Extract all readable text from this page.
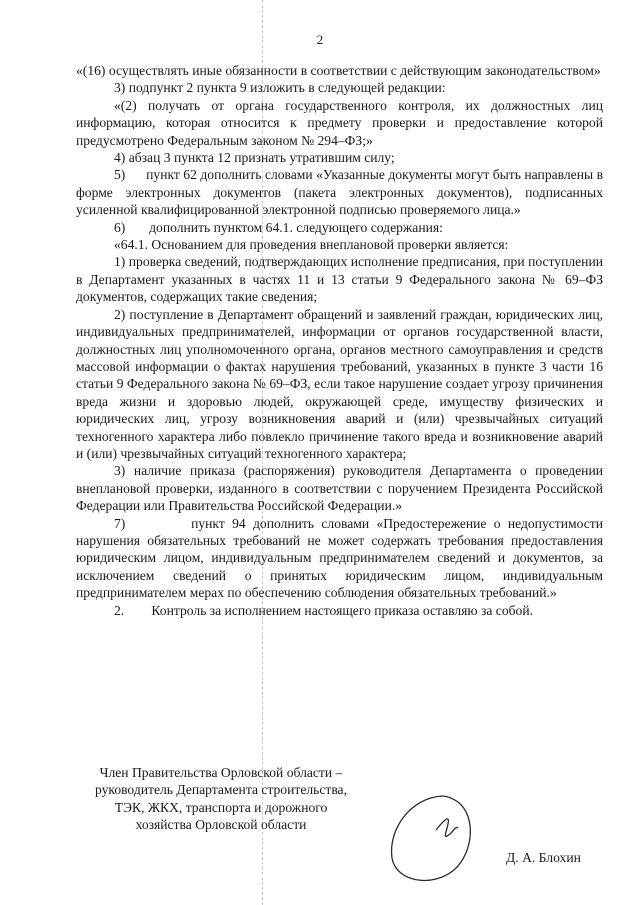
2

«(16) осуществлять иные обязанности в соответствии с действующим законодательством»

3) подпункт 2 пункта 9 изложить в следующей редакции:

«(2) получать от органа государственного контроля, их должностных лиц информацию, которая относится к предмету проверки и предоставление которой предусмотрено Федеральным законом № 294–ФЗ;»

4) абзац 3 пункта 12 признать утратившим силу;

5) пункт 62 дополнить словами «Указанные документы могут быть направлены в форме электронных документов (пакета электронных документов), подписанных усиленной квалифицированной электронной подписью проверяемого лица.»

6) дополнить пунктом 64.1. следующего содержания:

«64.1. Основанием для проведения внеплановой проверки является:

1) проверка сведений, подтверждающих исполнение предписания, при поступлении в Департамент указанных в частях 11 и 13 статьи 9 Федерального закона № 69–ФЗ документов, содержащих такие сведения;

2) поступление в Департамент обращений и заявлений граждан, юридических лиц, индивидуальных предпринимателей, информации от органов государственной власти, должностных лиц уполномоченного органа, органов местного самоуправления и средств массовой информации о фактах нарушения требований, указанных в пункте 3 части 16 статьи 9 Федерального закона № 69–ФЗ, если такое нарушение создает угрозу причинения вреда жизни и здоровью людей, окружающей среде, имуществу физических и юридических лиц, угрозу возникновения аварий и (или) чрезвычайных ситуаций техногенного характера либо повлекло причинение такого вреда и возникновение аварий и (или) чрезвычайных ситуаций техногенного характера;

3) наличие приказа (распоряжения) руководителя Департамента о проведении внеплановой проверки, изданного в соответствии с поручением Президента Российской Федерации или Правительства Российской Федерации.»

7)	пункт 94 дополнить словами «Предостережение о недопустимости нарушения обязательных требований не может содержать требования предоставления юридическим лицом, индивидуальным предпринимателем сведений и документов, за исключением сведений о принятых юридическим лицом, индивидуальным предпринимателем мерах по обеспечению соблюдения обязательных требований.»

2. Контроль за исполнением настоящего приказа оставляю за собой.

Член Правительства Орловской области –
руководитель Департамента строительства,
ТЭК, ЖКХ, транспорта и дорожного
хозяйства Орловской области
Д. А. Блохин
